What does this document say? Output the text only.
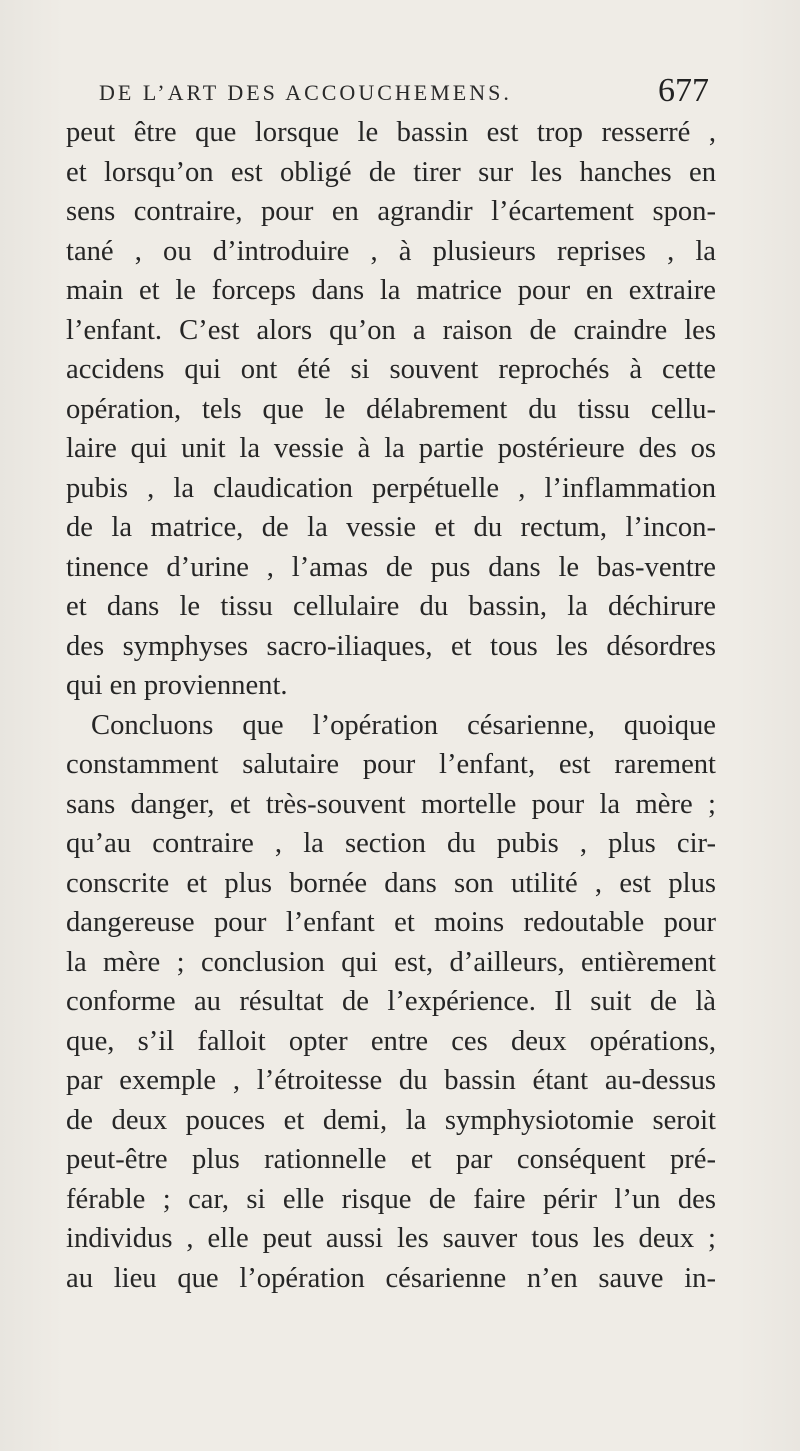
DE L’ART DES ACCOUCHEMENS.	677
peut être que lorsque le bassin est trop resserré ,
et lorsqu’on est obligé de tirer sur les hanches en
sens contraire, pour en agrandir l’écartement spon-
tané , ou d’introduire , à plusieurs reprises , la
main et le forceps dans la matrice pour en extraire
l’enfant. C’est alors qu’on a raison de craindre les
accidens qui ont été si souvent reprochés à cette
opération, tels que le délabrement du tissu cellu-
laire qui unit la vessie à la partie postérieure des os
pubis , la claudication perpétuelle , l’inflammation
de la matrice, de la vessie et du rectum, l’incon-
tinence d’urine , l’amas de pus dans le bas-ventre
et dans le tissu cellulaire du bassin, la déchirure
des symphyses sacro-iliaques, et tous les désordres
qui en proviennent.
Concluons que l’opération césarienne, quoique
constamment salutaire pour l’enfant, est rarement
sans danger, et très-souvent mortelle pour la mère ;
qu’au contraire , la section du pubis , plus cir-
conscrite et plus bornée dans son utilité , est plus
dangereuse pour l’enfant et moins redoutable pour
la mère ; conclusion qui est, d’ailleurs, entièrement
conforme au résultat de l’expérience. Il suit de là
que, s’il falloit opter entre ces deux opérations,
par exemple , l’étroitesse du bassin étant au-dessus
de deux pouces et demi, la symphysiotomie seroit
peut-être plus rationnelle et par conséquent pré-
férable ; car, si elle risque de faire périr l’un des
individus , elle peut aussi les sauver tous les deux ;
au lieu que l’opération césarienne n’en sauve in-
